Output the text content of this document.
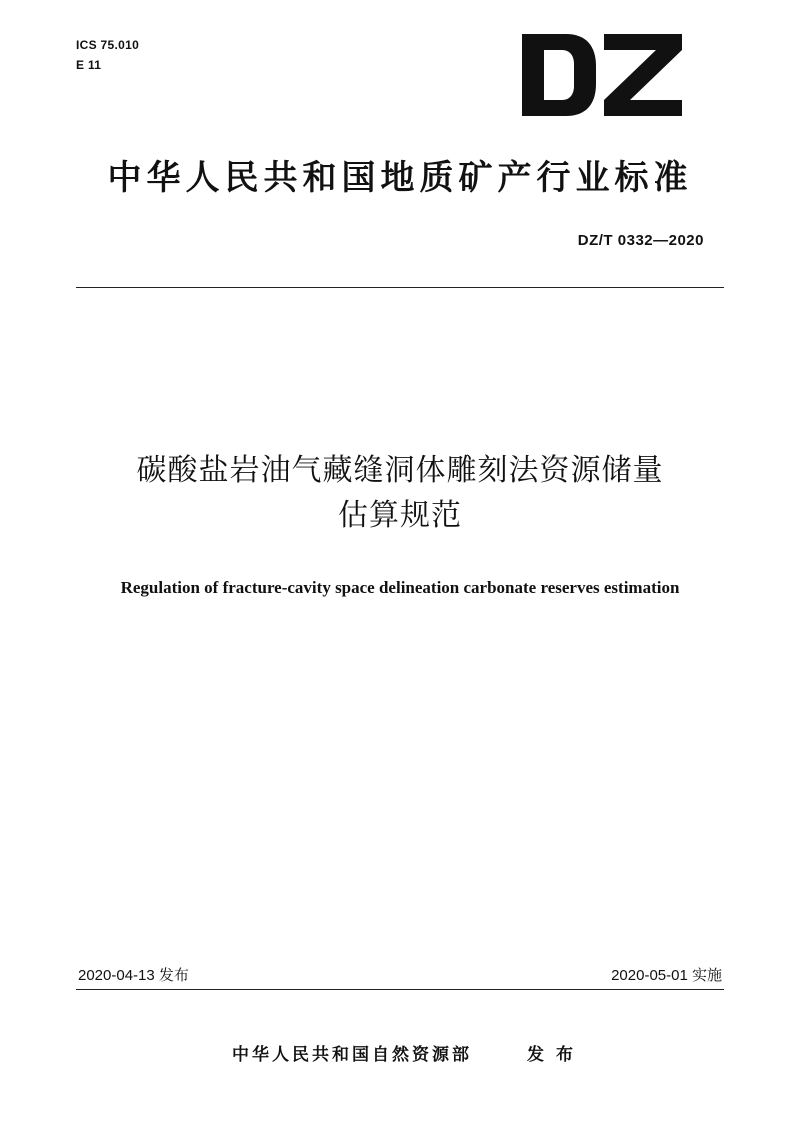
ICS 75.010
E 11
中华人民共和国地质矿产行业标准
DZ/T 0332—2020
碳酸盐岩油气藏缝洞体雕刻法资源储量
估算规范
Regulation of fracture-cavity space delineation carbonate reserves estimation
2020-04-13 发布	2020-05-01 实施
中华人民共和国自然资源部	发布
